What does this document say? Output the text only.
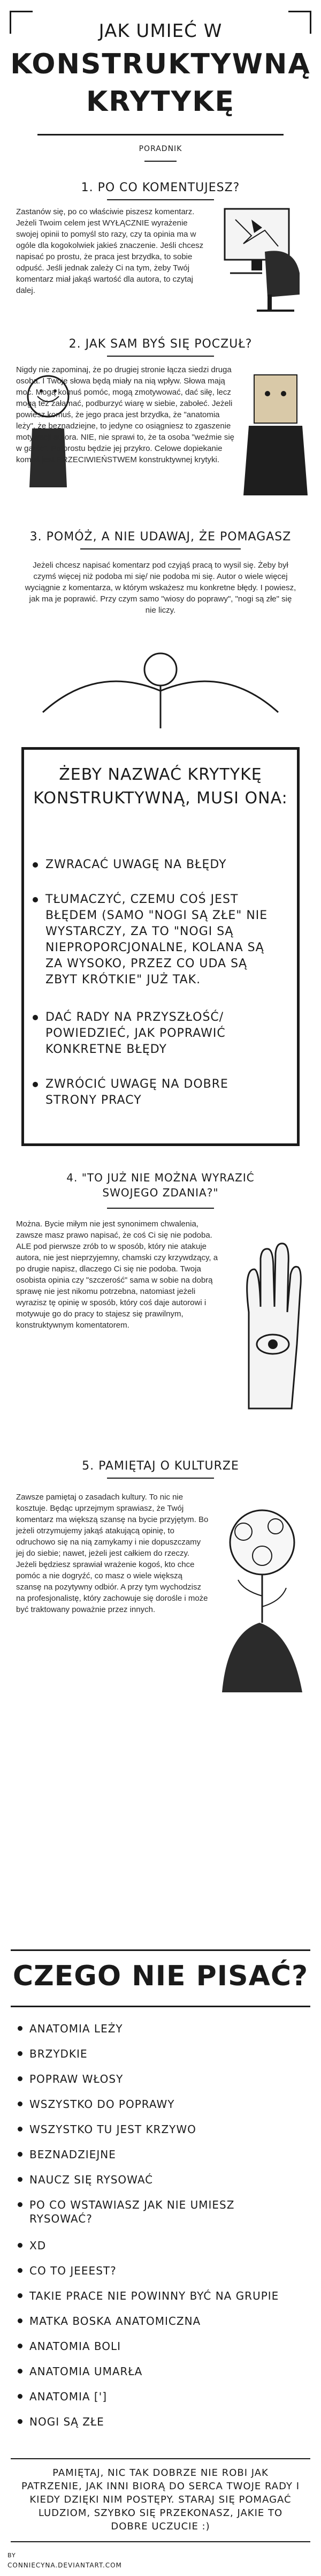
JAK UMIEĆ W
KONSTRUKTYWNĄ
KRYTYKĘ
PORADNIK
1. PO CO KOMENTUJESZ?

Zastanów się, po co właściwie piszesz komentarz. Jeżeli Twoim celem jest WYŁĄCZNIE wyrażenie swojej opinii to pomyśl sto razy, czy ta opinia ma w ogóle dla kogokolwiek jakieś znaczenie. Jeśli chcesz napisać po prostu, że praca jest brzydka, to sobie odpuść. Jeśli jednak zależy Ci na tym, żeby Twój komentarz miał jakąś wartość dla autora, to czytaj dalej.

2. JAK SAM BYŚ SIĘ POCZUŁ?

Nigdy nie zapominaj, że po drugiej stronie łącza siedzi druga osoba. I Twoje słowa będą miały na nią wpływ. Słowa mają moc. Mogą komuś pomóc, mogą zmotywować, dać siłę, lecz mogą też załamać, podburzyć wiarę w siebie, zabołeć. Jeżeli powiesz komuś, że jego praca jest brzydka, że "anatomia leży", że beznadziejne, to jedyne co osiągniesz to zgaszenie motywacji autora. NIE, nie sprawi to, że ta osoba "weźmie się w garść". Po prostu będzie jej przykro. Celowe dopiekanie komuś jest PRZECIWIEŃSTWEM konstruktywnej krytyki.

3. POMÓŻ, A NIE UDAWAJ, ŻE POMAGASZ

Jeżeli chcesz napisać komentarz pod czyjąś pracą to wysil się. Żeby był czymś więcej niż podoba mi się/ nie podoba mi się. Autor o wiele więcej wyciągnie z komentarza, w którym wskażesz mu konkretne błędy. I powiesz, jak ma je poprawić. Przy czym samo "wiosy do poprawy", "nogi są złe" się nie liczy.

ŻEBY NAZWAĆ KRYTYKĘ KONSTRUKTYWNĄ, MUSI ONA:
ZWRACAĆ UWAGĘ NA BŁĘDY
TŁUMACZYĆ, CZEMU COŚ JEST BŁĘDEM (SAMO "NOGI SĄ ZŁE" NIE WYSTARCZY, ZA TO "NOGI SĄ NIEPROPORCJONALNE, KOLANA SĄ ZA WYSOKO, PRZEZ CO UDA SĄ ZBYT KRÓTKIE" JUŻ TAK.
DAĆ RADY NA PRZYSZŁOŚĆ/ POWIEDZIEĆ, JAK POPRAWIĆ KONKRETNE BŁĘDY
ZWRÓCIĆ UWAGĘ NA DOBRE STRONY PRACY
4. "TO JUŻ NIE MOŻNA WYRAZIĆ SWOJEGO ZDANIA?"

Można. Bycie miłym nie jest synonimem chwalenia, zawsze masz prawo napisać, że coś Ci się nie podoba. ALE pod pierwsze zrób to w sposób, który nie atakuje autora, nie jest nieprzyjemny, chamski czy krzywdzący, a po drugie napisz, dlaczego Ci się nie podoba. Twoja osobista opinia czy "szczerość" sama w sobie na dobrą sprawę nie jest nikomu potrzebna, natomiast jeżeli wyrazisz tę opinię w sposób, który coś daje autorowi i motywuje go do pracy to stajesz się prawilnym, konstruktywnym komentatorem.

5. PAMIĘTAJ O KULTURZE

Zawsze pamiętaj o zasadach kultury. To nic nie kosztuje. Będąc uprzejmym sprawiasz, że Twój komentarz ma większą szansę na bycie przyjętym. Bo jeżeli otrzymujemy jakąś atakującą opinię, to odruchowo się na nią zamykamy i nie dopuszczamy jej do siebie; nawet, jeżeli jest całkiem do rzeczy. Jeżeli będziesz sprawiał wrażenie kogoś, kto chce pomóc a nie dogryźć, co masz o wiele większą szansę na pozytywny odbiór. A przy tym wychodzisz na profesjonalistę, który zachowuje się dorośle i może być traktowany poważnie przez innych.

CZEGO NIE PISAĆ?
ANATOMIA LEŻY
BRZYDKIE
POPRAW WŁOSY
WSZYSTKO DO POPRAWY
WSZYSTKO TU JEST KRZYWO
BEZNADZIEJNE
NAUCZ SIĘ RYSOWAĆ
PO CO WSTAWIASZ JAK NIE UMIESZ RYSOWAĆ?
XD
CO TO JEEEST?
TAKIE PRACE NIE POWINNY BYĆ NA GRUPIE
MATKA BOSKA ANATOMICZNA
ANATOMIA BOLI
ANATOMIA UMARŁA
ANATOMIA [']
NOGI SĄ ZŁE
PAMIĘTAJ, NIC TAK DOBRZE NIE ROBI JAK PATRZENIE, JAK INNI BIORĄ DO SERCA TWOJE RADY I KIEDY DZIĘKI NIM POSTĘPY. STARAJ SIĘ POMAGAĆ LUDZIOM, SZYBKO SIĘ PRZEKONASZ, JAKIE TO DOBRE UCZUCIE :)
BY
CONNIECYNA.DEVIANTART.COM
